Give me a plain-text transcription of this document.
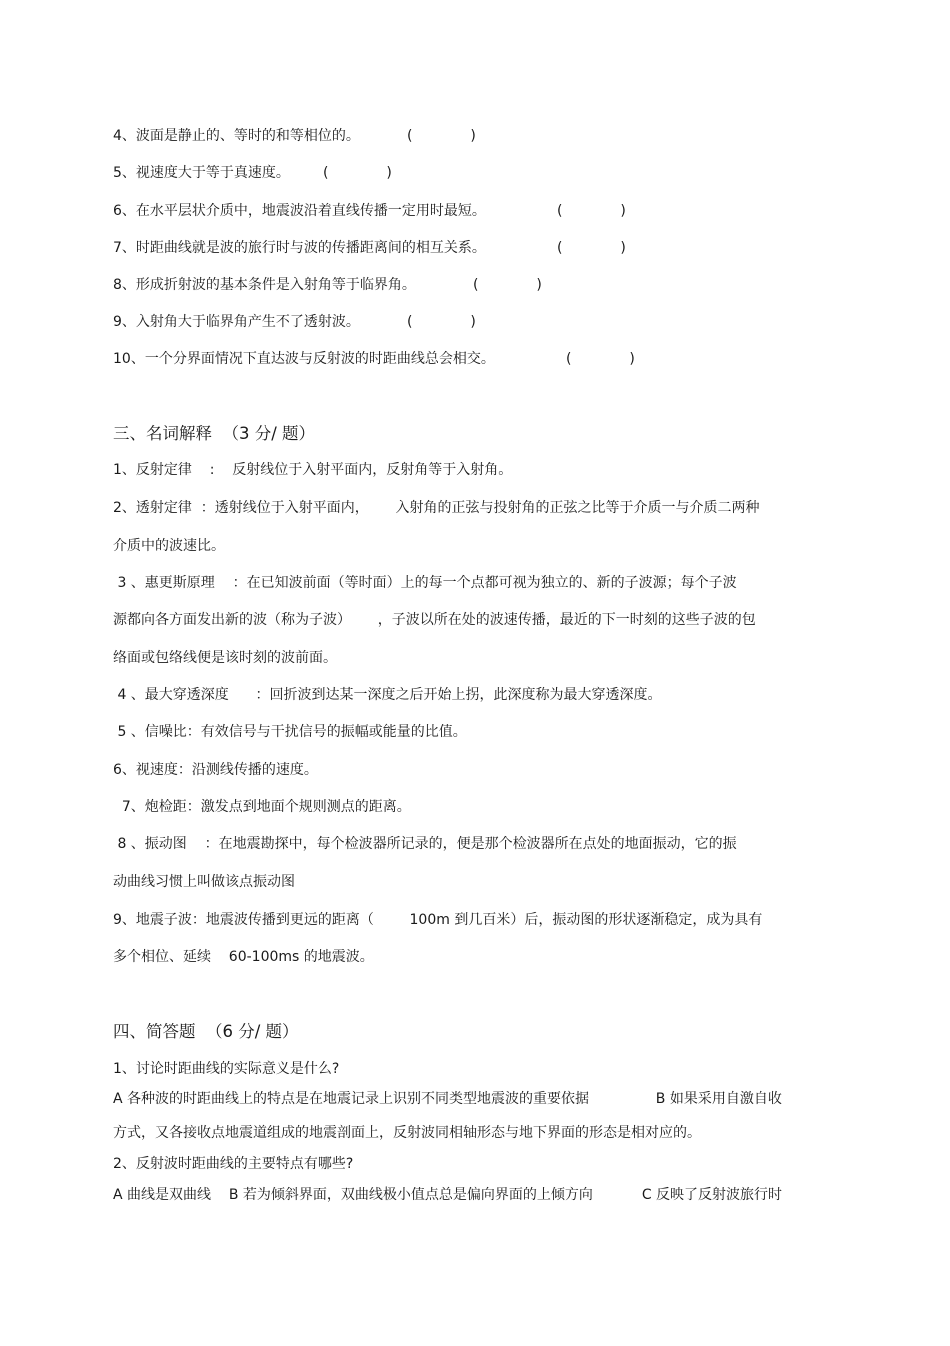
4、波面是静止的、等时的和等相位的。	(             )
5、视速度大于等于真速度。 (             )
6、在水平层状介质中，地震波沿着直线传播一定用时最短。	(             )
7、时距曲线就是波的旅行时与波的传播距离间的相互关系。	(             )
8、形成折射波的基本条件是入射角等于临界角。	(             )
9、入射角大于临界角产生不了透射波。	(             )
10、一个分界面情况下直达波与反射波的时距曲线总会相交。	(             )
三、名词解释  （3 分/ 题）
1、反射定律    :    反射线位于入射平面内，反射角等于入射角。
2、透射定律  ：透射线位于入射平面内，      入射角的正弦与投射角的正弦之比等于介质一与介质二两种
介质中的波速比。
3 、惠更斯原理    ：在已知波前面（等时面）上的每一个点都可视为独立的、新的子波源；每个子波
源都向各方面发出新的波（称为子波）      ，子波以所在处的波速传播，最近的下一时刻的这些子波的包
络面或包络线便是该时刻的波前面。
4 、最大穿透深度      ：回折波到达某一深度之后开始上拐，此深度称为最大穿透深度。
5 、信噪比：有效信号与干扰信号的振幅或能量的比值。
6、视速度：沿测线传播的速度。
7、炮检距：激发点到地面个规则测点的距离。
8 、振动图    ：在地震勘探中，每个检波器所记录的，便是那个检波器所在点处的地面振动，它的振
动曲线习惯上叫做该点振动图
9、地震子波：地震波传播到更远的距离（        100m 到几百米）后，振动图的形状逐渐稳定，成为具有
多个相位、延续    60-100ms 的地震波。
四、简答题  （6 分/ 题）
1、讨论时距曲线的实际意义是什么?
A 各种波的时距曲线上的特点是在地震记录上识别不同类型地震波的重要依据               B 如果采用自激自收
方式，又各接收点地震道组成的地震剖面上，反射波同相轴形态与地下界面的形态是相对应的。
2、反射波时距曲线的主要特点有哪些?
A 曲线是双曲线    B 若为倾斜界面，双曲线极小值点总是偏向界面的上倾方向           C 反映了反射波旅行时
